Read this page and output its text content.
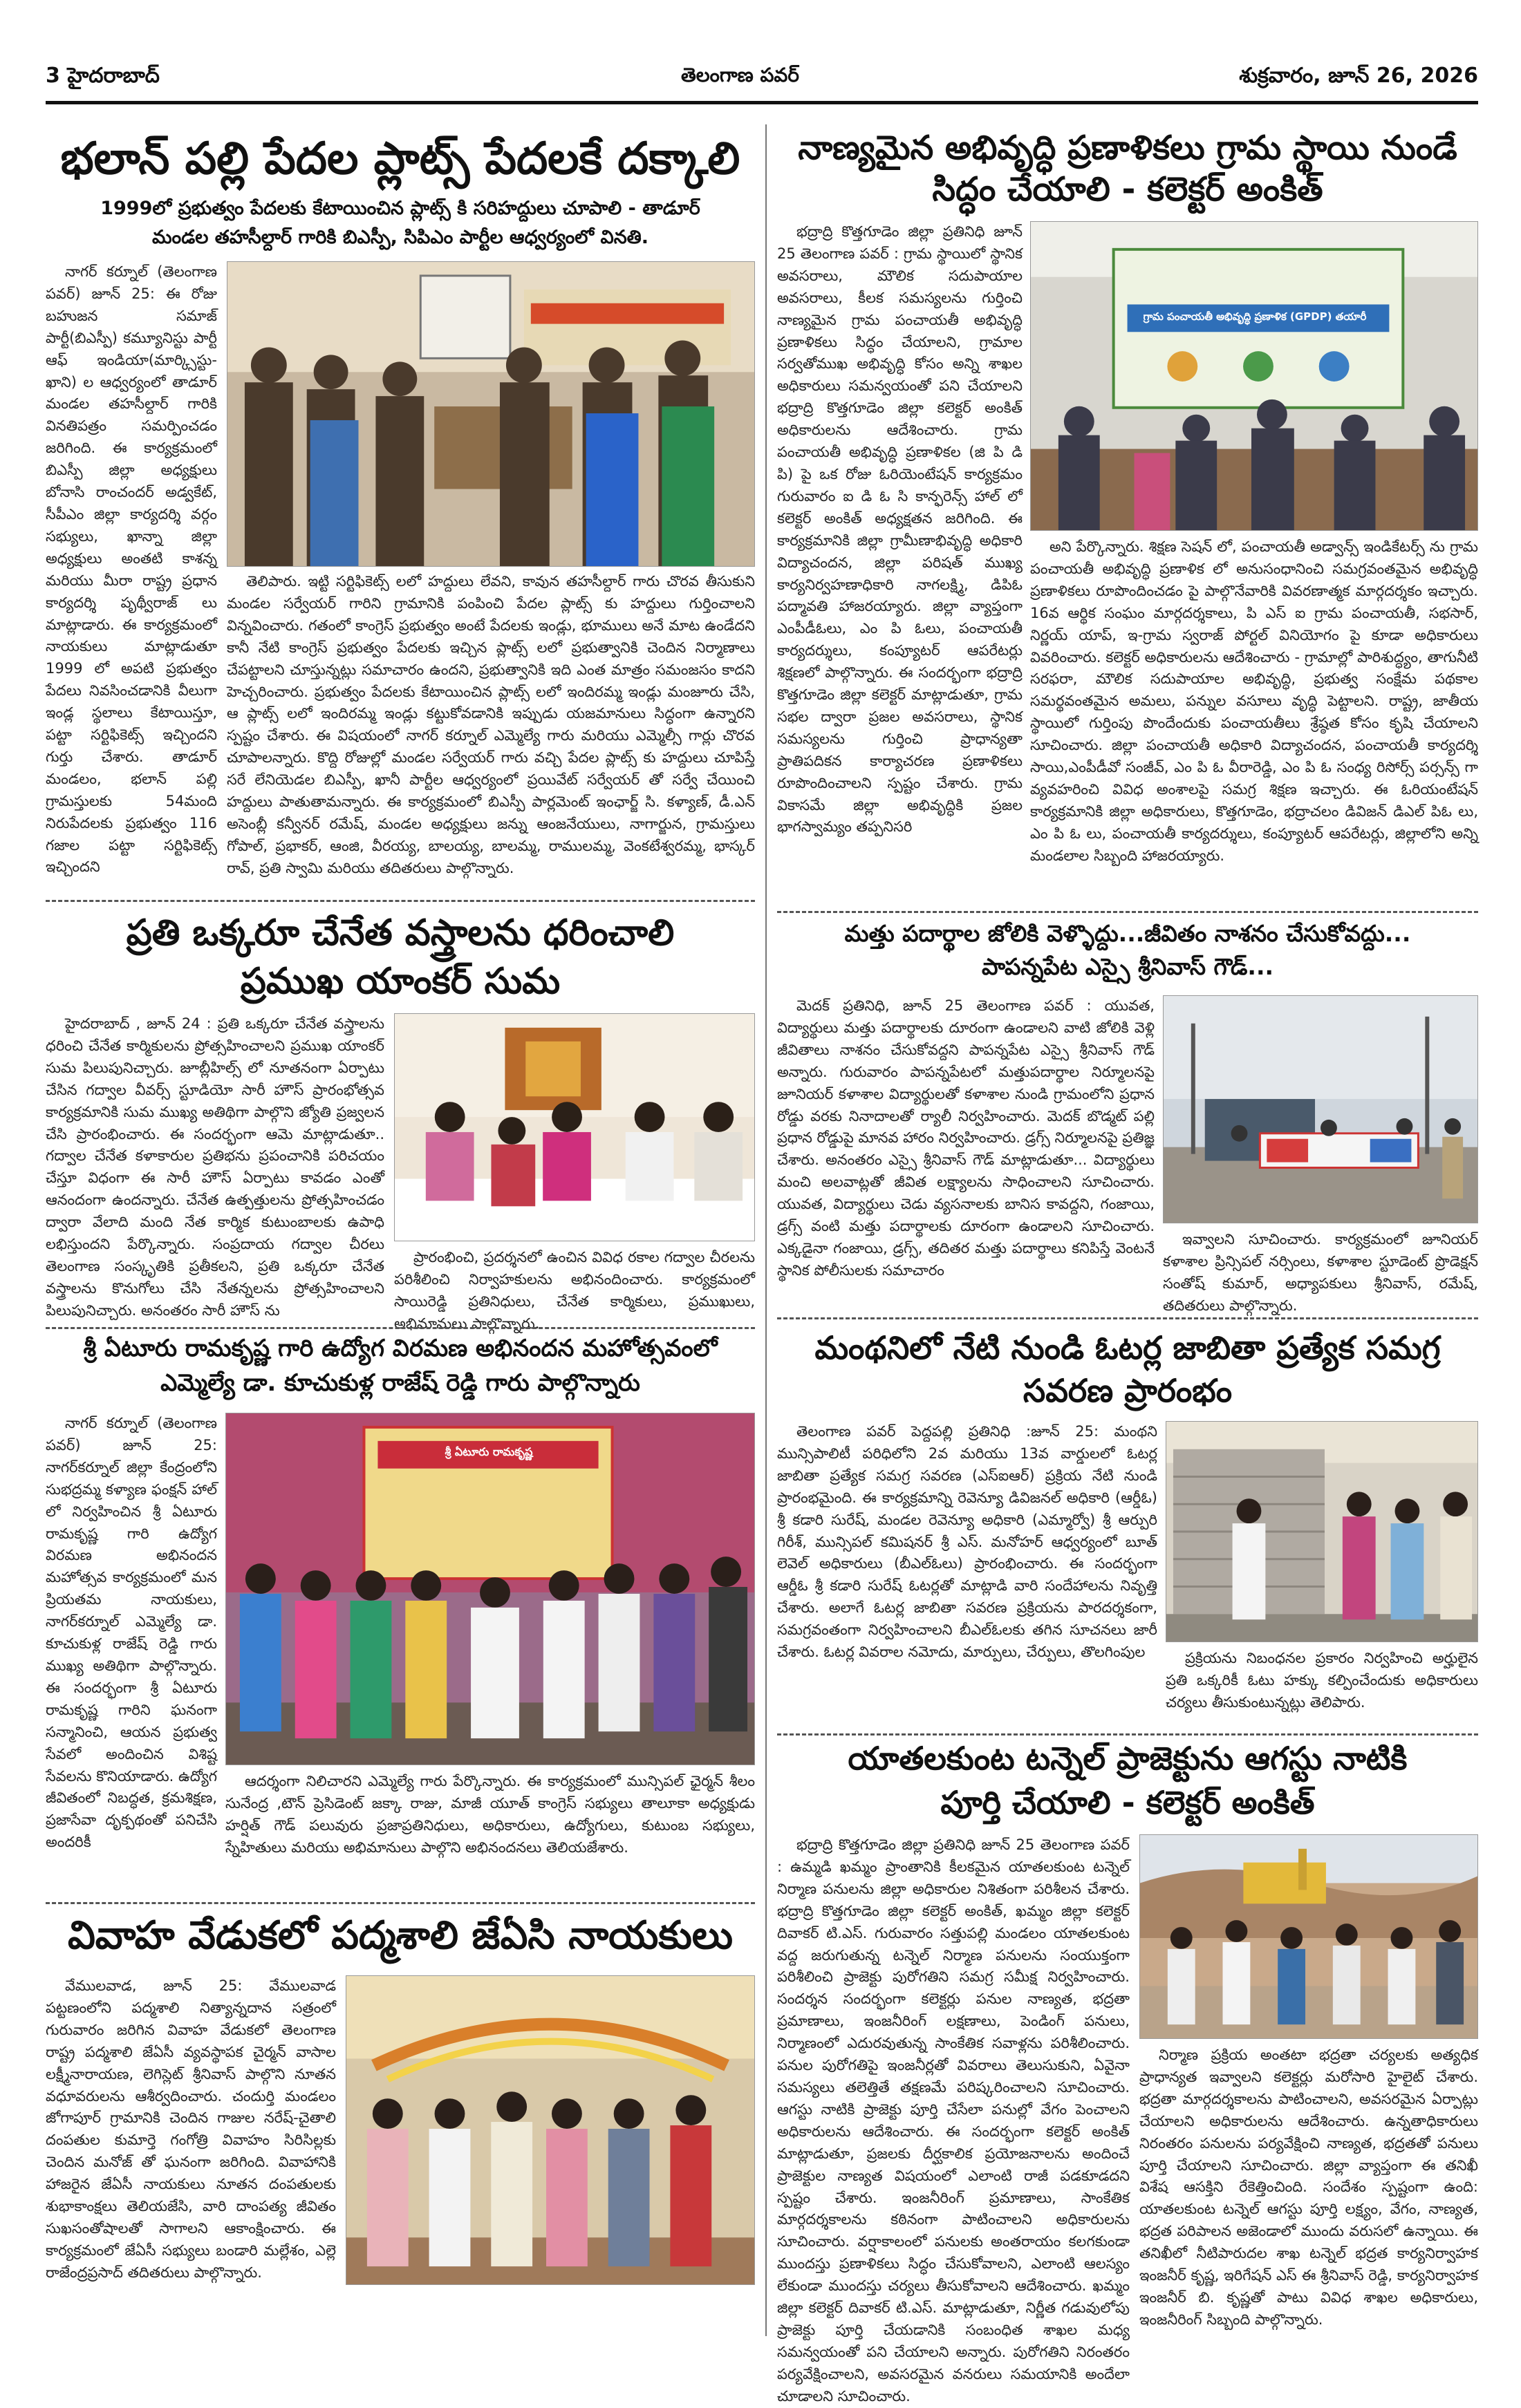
3 హైదరాబాద్	తెలంగాణ పవర్	శుక్రవారం, జూన్ 26, 2026
భలాన్ పల్లి పేదల ప్లాట్స్ పేదలకే దక్కాలి
1999లో ప్రభుత్వం పేదలకు కేటాయించిన ప్లాట్స్ కి సరిహద్దులు చూపాలి - తాడూర్
మండల తహసీల్దార్ గారికి బిఎస్పీ, సిపిఎం పార్టీల ఆధ్వర్యంలో వినతి.

నాగర్ కర్నూల్ (తెలంగాణ పవర్) జూన్ 25: ఈ రోజు బహుజన సమాజ్ పార్టీ(బిఎస్పీ) కమ్యూనిస్టు పార్టీ ఆఫ్ ఇండియా(మార్క్సిస్టు-ఖాని) ల ఆధ్వర్యంలో తాడూర్ మండల తహసీల్దార్ గారికి వినతిపత్రం సమర్పించడం జరిగింది. ఈ కార్యక్రమంలో బిఎస్పీ జిల్లా అధ్యక్షులు బోనాసి రాంచందర్ అడ్వకేట్, సీపీఎం జిల్లా కార్యదర్శి వర్గం సభ్యులు, ఖాన్నా జిల్లా అధ్యక్షులు అంతటి కాశన్న మరియు మీరా రాష్ట్ర ప్రధాన కార్యదర్శి పృథ్వీరాజ్ లు మాట్లాడారు. ఈ కార్యక్రమంలో నాయకులు మాట్లాడుతూ 1999 లో అపటి ప్రభుత్వం పేదలు నివసించడానికి వీలుగా ఇండ్ల స్థలాలు కేటాయిస్తూ, పట్టా సర్టిఫికెట్స్ ఇచ్చిందని గుర్తు చేశారు. తాడూర్ మండలం, భలాన్ పల్లి గ్రామస్తులకు 54మంది నిరుపేదలకు ప్రభుత్వం 116 గజాల పట్టా సర్టిఫికెట్స్ ఇచ్చిందని

తెలిపారు. ఇట్టి సర్టిఫికెట్స్ లలో హద్దులు లేవని, కావున తహసీల్దార్ గారు చొరవ తీసుకుని మండల సర్వేయర్ గారిని గ్రామానికి పంపించి పేదల ప్లాట్స్ కు హద్దులు గుర్తించాలని విన్నవించారు. గతంలో కాంగ్రెస్ ప్రభుత్వం అంటే పేదలకు ఇండ్లు, భూములు అనే మాట ఉండేదని కానీ నేటి కాంగ్రెస్ ప్రభుత్వం పేదలకు ఇచ్చిన ప్లాట్స్ లలో ప్రభుత్వానికి చెందిన నిర్మాణాలు చేపట్టాలని చూస్తున్నట్లు సమాచారం ఉందని, ప్రభుత్వానికి ఇది ఎంత మాత్రం సమంజసం కాదని హెచ్చరించారు. ప్రభుత్వం పేదలకు కేటాయించిన ప్లాట్స్ లలో ఇందిరమ్మ ఇండ్లు మంజూరు చేసి, ఆ ప్లాట్స్ లలో ఇందిరమ్మ ఇండ్లు కట్టుకోవడానికి ఇప్పుడు యజమానులు సిద్ధంగా ఉన్నారని స్పష్టం చేశారు. ఈ విషయంలో నాగర్ కర్నూల్ ఎమ్మెల్యే గారు మరియు ఎమ్మెల్సీ గార్లు చొరవ చూపాలన్నారు. కొద్ది రోజుల్లో మండల సర్వేయర్ గారు వచ్చి పేదల ప్లాట్స్ కు హద్దులు చూపిస్తే సరే లేనియెడల బిఎస్పీ, ఖానీ పార్టీల ఆధ్వర్యంలో ప్రయివేట్ సర్వేయర్ తో సర్వే చేయించి హద్దులు పాతుతామన్నారు. ఈ కార్యక్రమంలో బిఎస్పీ పార్లమెంట్ ఇంఛార్జ్ సి. కళ్యాణ్, డీ.ఎన్ అసెంబ్లీ కన్వీనర్ రమేష్, మండల అధ్యక్షులు జన్ను ఆంజనేయులు, నాగార్జున, గ్రామస్తులు గోపాల్, ప్రభాకర్, ఆంజి, వీరయ్య, బాలయ్య, బాలమ్మ, రాములమ్మ, వెంకటేశ్వరమ్మ, భాస్కర్ రావ్, ప్రతి స్వామి మరియు తదితరులు పాల్గొన్నారు.

నాణ్యమైన అభివృద్ధి ప్రణాళికలు గ్రామ స్థాయి నుండే సిద్ధం చేయాలి - కలెక్టర్ అంకిత్

భద్రాద్రి కొత్తగూడెం జిల్లా ప్రతినిధి జూన్ 25 తెలంగాణ పవర్ : గ్రామ స్థాయిలో స్థానిక అవసరాలు, మౌలిక సదుపాయాల అవసరాలు, కీలక సమస్యలను గుర్తించి నాణ్యమైన గ్రామ పంచాయతీ అభివృద్ధి ప్రణాళికలు సిద్ధం చేయాలని, గ్రామాల సర్వతోముఖ అభివృద్ధి కోసం అన్ని శాఖల అధికారులు సమన్వయంతో పని చేయాలని భద్రాద్రి కొత్తగూడెం జిల్లా కలెక్టర్ అంకిత్ అధికారులను ఆదేశించారు. గ్రామ పంచాయతీ అభివృద్ధి ప్రణాళికల (జి పి డి పి) పై ఒక రోజు ఓరియెంటేషన్ కార్యక్రమం గురువారం ఐ డి ఓ సి కాన్ఫరెన్స్ హాల్ లో కలెక్టర్ అంకిత్ అధ్యక్షతన జరిగింది. ఈ కార్యక్రమానికి జిల్లా గ్రామీణాభివృద్ధి అధికారి విద్యాచందన, జిల్లా పరిషత్ ముఖ్య కార్యనిర్వహణాధికారి నాగలక్ష్మి, డిపిఓ పద్మావతి హాజరయ్యారు. జిల్లా వ్యాప్తంగా ఎంపీడీఓలు, ఎం పి ఓలు, పంచాయతీ కార్యదర్శులు, కంప్యూటర్ ఆపరేటర్లు శిక్షణలో పాల్గొన్నారు. ఈ సందర్భంగా భద్రాద్రి కొత్తగూడెం జిల్లా కలెక్టర్ మాట్లాడుతూ, గ్రామ సభల ద్వారా ప్రజల అవసరాలు, స్థానిక సమస్యలను గుర్తించి ప్రాధాన్యతా ప్రాతిపదికన కార్యాచరణ ప్రణాళికలు రూపొందించాలని స్పష్టం చేశారు. గ్రామ వికాసమే జిల్లా అభివృద్ధికి ప్రజల భాగస్వామ్యం తప్పనిసరి

గ్రామ పంచాయతీ అభివృద్ధి ప్రణాళిక (GPDP) తయారీ

అని పేర్కొన్నారు. శిక్షణ సెషన్ లో, పంచాయతీ అడ్వాన్స్ ఇండికేటర్స్ ను గ్రామ పంచాయతీ అభివృద్ధి ప్రణాళిక లో అనుసంధానించి సమగ్రవంతమైన అభివృద్ధి ప్రణాళికలు రూపొందించడం పై పాల్గొనేవారికి వివరణాత్మక మార్గదర్శకం ఇచ్చారు. 16వ ఆర్థిక సంఘం మార్గదర్శకాలు, పి ఎస్ ఐ గ్రామ పంచాయతీ, సభసార్, నిర్ణయ్ యాప్, ఇ-గ్రామ స్వరాజ్ పోర్టల్ వినియోగం పై కూడా అధికారులు వివరించారు. కలెక్టర్ అధికారులను ఆదేశించారు - గ్రామాల్లో పారిశుద్ధ్యం, తాగునీటి సరఫరా, మౌలిక సదుపాయాల అభివృద్ధి, ప్రభుత్వ సంక్షేమ పథకాల సమర్థవంతమైన అమలు, పన్నుల వసూలు వృద్ధి పెట్టాలని. రాష్ట్ర, జాతీయ స్థాయిలో గుర్తింపు పొందేందుకు పంచాయతీలు శ్రేష్ఠత కోసం కృషి చేయాలని సూచించారు. జిల్లా పంచాయతీ అధికారి విద్యాచందన, పంచాయతీ కార్యదర్శి సాయి,ఎంపీడీవో సంజీవ్, ఎం పి ఓ వీరారెడ్డి, ఎం పి ఓ సంధ్య రిసోర్స్ పర్సన్స్ గా వ్యవహరించి వివిధ అంశాలపై సమగ్ర శిక్షణ ఇచ్చారు. ఈ ఓరియంటేషన్ కార్యక్రమానికి జిల్లా అధికారులు, కొత్తగూడెం, భద్రాచలం డివిజన్ డిఎల్ పిఓ లు, ఎం పి ఓ లు, పంచాయతీ కార్యదర్శులు, కంప్యూటర్ ఆపరేటర్లు, జిల్లాలోని అన్ని మండలాల సిబ్బంది హాజరయ్యారు.

ప్రతి ఒక్కరూ చేనేత వస్త్రాలను ధరించాలి
ప్రముఖ యాంకర్ సుమ

హైదరాబాద్ , జూన్ 24 : ప్రతి ఒక్కరూ చేనేత వస్త్రాలను ధరించి చేనేత కార్మికులను ప్రోత్సహించాలని ప్రముఖ యాంకర్ సుమ పిలుపునిచ్చారు. జూబ్లీహిల్స్ లో నూతనంగా ఏర్పాటు చేసిన గద్వాల వీవర్స్ స్టూడియో సారీ హౌస్ ప్రారంభోత్సవ కార్యక్రమానికి సుమ ముఖ్య అతిథిగా పాల్గొని జ్యోతి ప్రజ్వలన చేసి ప్రారంభించారు. ఈ సందర్భంగా ఆమె మాట్లాడుతూ.. గద్వాల చేనేత కళాకారుల ప్రతిభను ప్రపంచానికి పరిచయం చేస్తూ విధంగా ఈ సారీ హౌస్ ఏర్పాటు కావడం ఎంతో ఆనందంగా ఉందన్నారు. చేనేత ఉత్పత్తులను ప్రోత్సహించడం ద్వారా వేలాది మంది నేత కార్మిక కుటుంబాలకు ఉపాధి లభిస్తుందని పేర్కొన్నారు. సంప్రదాయ గద్వాల చీరలు తెలంగాణ సంస్కృతికి ప్రతీకలని, ప్రతి ఒక్కరూ చేనేత వస్త్రాలను కొనుగోలు చేసి నేతన్నలను ప్రోత్సహించాలని పిలుపునిచ్చారు. అనంతరం సారీ హౌస్ ను

ప్రారంభించి, ప్రదర్శనలో ఉంచిన వివిధ రకాల గద్వాల చీరలను పరిశీలించి నిర్వాహకులను అభినందించారు. కార్యక్రమంలో సాయిరెడ్డి ప్రతినిధులు, చేనేత కార్మికులు, ప్రముఖులు, అభిమానులు పాల్గొన్నారు.

మత్తు పదార్థాల జోలికి వెళ్ళొద్దు...జీవితం నాశనం చేసుకోవద్దు...
పాపన్నపేట ఎస్సై శ్రీనివాస్ గౌడ్...

మెదక్ ప్రతినిధి, జూన్ 25 తెలంగాణ పవర్ : యువత, విద్యార్థులు మత్తు పదార్థాలకు దూరంగా ఉండాలని వాటి జోలికి వెళ్లి జీవితాలు నాశనం చేసుకోవద్దని పాపన్నపేట ఎస్సై శ్రీనివాస్ గౌడ్ అన్నారు. గురువారం పాపన్నపేటలో మత్తుపదార్థాల నిర్మూలనపై జూనియర్ కళాశాల విద్యార్థులతో కళాశాల నుండి గ్రామంలోని ప్రధాన రోడ్డు వరకు నినాదాలతో ర్యాలీ నిర్వహించారు. మెదక్ బొడ్మట్ పల్లి ప్రధాన రోడ్డుపై మానవ హారం నిర్వహించారు. డ్రగ్స్ నిర్మూలనపై ప్రతిజ్ఞ చేశారు. అనంతరం ఎస్సై శ్రీనివాస్ గౌడ్ మాట్లాడుతూ... విద్యార్థులు మంచి అలవాట్లతో జీవిత లక్ష్యాలను సాధించాలని సూచించారు. యువత, విద్యార్థులు చెడు వ్యసనాలకు బానిస కావద్దని, గంజాయి, డ్రగ్స్ వంటి మత్తు పదార్థాలకు దూరంగా ఉండాలని సూచించారు. ఎక్కడైనా గంజాయి, డ్రగ్స్, తదితర మత్తు పదార్థాలు కనిపిస్తే వెంటనే స్థానిక పోలీసులకు సమాచారం

ఇవ్వాలని సూచించారు. కార్యక్రమంలో జూనియర్ కళాశాల ప్రిన్సిపల్ నర్సింలు, కళాశాల స్టూడెంట్ ప్రొడెక్షన్ సంతోష్ కుమార్, అధ్యాపకులు శ్రీనివాస్, రమేష్, తదితరులు పాల్గొన్నారు.

శ్రీ ఏటూరు రామకృష్ణ గారి ఉద్యోగ విరమణ అభినందన మహోత్సవంలో
ఎమ్మెల్యే డా. కూచుకుళ్ల రాజేష్ రెడ్డి గారు పాల్గొన్నారు

నాగర్ కర్నూల్ (తెలంగాణ పవర్) జూన్ 25: నాగర్‌కర్నూల్ జిల్లా కేంద్రంలోని సుభద్రమ్మ కళ్యాణ ఫంక్షన్ హాల్ లో నిర్వహించిన శ్రీ ఏటూరు రామకృష్ణ గారి ఉద్యోగ విరమణ అభినందన మహోత్సవ కార్యక్రమంలో మన ప్రియతమ నాయకులు, నాగర్‌కర్నూల్ ఎమ్మెల్యే డా. కూచుకుళ్ల రాజేష్ రెడ్డి గారు ముఖ్య అతిథిగా పాల్గొన్నారు. ఈ సందర్భంగా శ్రీ ఏటూరు రామకృష్ణ గారిని ఘనంగా సన్మానించి, ఆయన ప్రభుత్వ సేవలో అందించిన విశిష్ట సేవలను కొనియాడారు. ఉద్యోగ జీవితంలో నిబద్ధత, క్రమశిక్షణ, ప్రజాసేవా దృక్పథంతో పనిచేసి అందరికీ

శ్రీ ఏటూరు రామకృష్ణ

ఆదర్శంగా నిలిచారని ఎమ్మెల్యే గారు పేర్కొన్నారు. ఈ కార్యక్రమంలో మున్సిపల్ ఛైర్మన్ శీలం సునేంద్ర ,టౌన్ ప్రెసిడెంట్ జక్కా రాజు, మాజీ యూత్ కాంగ్రెస్ సభ్యులు తాలూకా అధ్యక్షుడు హర్షిత్ గౌడ్ పలువురు ప్రజాప్రతినిధులు, అధికారులు, ఉద్యోగులు, కుటుంబ సభ్యులు, స్నేహితులు మరియు అభిమానులు పాల్గొని అభినందనలు తెలియజేశారు.

మంథనిలో నేటి నుండి ఓటర్ల జాబితా ప్రత్యేక సమగ్ర
సవరణ ప్రారంభం

తెలంగాణ పవర్ పెద్దపల్లి ప్రతినిధి :జూన్ 25: మంథని మున్సిపాలిటీ పరిధిలోని 2వ మరియు 13వ వార్డులలో ఓటర్ల జాబితా ప్రత్యేక సమగ్ర సవరణ (ఎస్ఐఆర్) ప్రక్రియ నేటి నుండి ప్రారంభమైంది. ఈ కార్యక్రమాన్ని రెవెన్యూ డివిజనల్ అధికారి (ఆర్డీఓ) శ్రీ కడారి సురేష్, మండల రెవెన్యూ అధికారి (ఎమ్మార్వో) శ్రీ ఆర్పురి గిరీశ్, మున్సిపల్ కమిషనర్ శ్రీ ఎస్. మనోహర్ ఆధ్వర్యంలో బూత్ లెవెల్ అధికారులు (బీఎల్ఓలు) ప్రారంభించారు. ఈ సందర్భంగా ఆర్డీఓ శ్రీ కడారి సురేష్ ఓటర్లతో మాట్లాడి వారి సందేహాలను నివృత్తి చేశారు. అలాగే ఓటర్ల జాబితా సవరణ ప్రక్రియను పారదర్శకంగా, సమగ్రవంతంగా నిర్వహించాలని బీఎల్ఓలకు తగిన సూచనలు జారీ చేశారు. ఓటర్ల వివరాల నమోదు, మార్పులు, చేర్పులు, తొలగింపుల	ప్రక్రియను నిబంధనల ప్రకారం నిర్వహించి అర్హులైన ప్రతి ఒక్కరికీ ఓటు హక్కు కల్పించేందుకు అధికారులు చర్యలు తీసుకుంటున్నట్లు తెలిపారు.

యాతలకుంట టన్నెల్ ప్రాజెక్టును ఆగస్టు నాటికి
పూర్తి చేయాలి - కలెక్టర్ అంకిత్

భద్రాద్రి కొత్తగూడెం జిల్లా ప్రతినిధి జూన్ 25 తెలంగాణ పవర్ : ఉమ్మడి ఖమ్మం ప్రాంతానికి కీలకమైన యాతలకుంట టన్నెల్ నిర్మాణ పనులను జిల్లా అధికారుల నిశితంగా పరిశీలన చేశారు. భద్రాద్రి కొత్తగూడెం జిల్లా కలెక్టర్ అంకిత్, ఖమ్మం జిల్లా కలెక్టర్ దివాకర్ టి.ఎస్. గురువారం సత్తుపల్లి మండలం యాతలకుంట వద్ద జరుగుతున్న టన్నెల్ నిర్మాణ పనులను సంయుక్తంగా పరిశీలించి ప్రాజెక్టు పురోగతిని సమగ్ర సమీక్ష నిర్వహించారు. సందర్శన సందర్భంగా కలెక్టర్లు పనుల నాణ్యత, భద్రతా ప్రమాణాలు, ఇంజనీరింగ్ లక్షణాలు, పెండింగ్ పనులు, నిర్మాణంలో ఎదురవుతున్న సాంకేతిక సవాళ్లను పరిశీలించారు. పనుల పురోగతిపై ఇంజనీర్లతో వివరాలు తెలుసుకుని, ఏవైనా సమస్యలు తలెత్తితే తక్షణమే పరిష్కరించాలని సూచించారు. ఆగస్టు నాటికి ప్రాజెక్టు పూర్తి చేసేలా పనుల్లో వేగం పెంచాలని అధికారులను ఆదేశించారు. ఈ సందర్భంగా కలెక్టర్ అంకిత్ మాట్లాడుతూ, ప్రజలకు దీర్ఘకాలిక ప్రయోజనాలను అందించే ప్రాజెక్టుల నాణ్యత విషయంలో ఎలాంటి రాజీ పడకూడదని స్పష్టం చేశారు. ఇంజనీరింగ్ ప్రమాణాలు, సాంకేతిక మార్గదర్శకాలను కఠినంగా పాటించాలని అధికారులను సూచించారు. వర్షాకాలంలో పనులకు అంతరాయం కలగకుండా ముందస్తు ప్రణాళికలు సిద్ధం చేసుకోవాలని, ఎలాంటి ఆలస్యం లేకుండా ముందస్తు చర్యలు తీసుకోవాలని ఆదేశించారు. ఖమ్మం జిల్లా కలెక్టర్ దివాకర్ టి.ఎస్. మాట్లాడుతూ, నిర్ణీత గడువులోపు ప్రాజెక్టు పూర్తి చేయడానికి సంబంధిత శాఖల మధ్య సమన్వయంతో పని చేయాలని అన్నారు. పురోగతిని నిరంతరం పర్యవేక్షించాలని, అవసరమైన వనరులు సమయానికి అందేలా చూడాలని సూచించారు.

నిర్మాణ ప్రక్రియ అంతటా భద్రతా చర్యలకు అత్యధిక ప్రాధాన్యత ఇవ్వాలని కలెక్టర్లు మరోసారి హైలైట్ చేశారు. భద్రతా మార్గదర్శకాలను పాటించాలని, అవసరమైన ఏర్పాట్లు చేయాలని అధికారులను ఆదేశించారు. ఉన్నతాధికారులు నిరంతరం పనులను పర్యవేక్షించి నాణ్యత, భద్రతతో పనులు పూర్తి చేయాలని సూచించారు. జిల్లా వ్యాప్తంగా ఈ తనిఖీ విశేష ఆసక్తిని రేకెత్తించింది. సందేశం స్పష్టంగా ఉంది: యాతలకుంట టన్నెల్ ఆగస్టు పూర్తి లక్ష్యం, వేగం, నాణ్యత, భద్రత పరిపాలన అజెండాలో ముందు వరుసలో ఉన్నాయి. ఈ తనిఖీలో నీటిపారుదల శాఖ టన్నెల్ భద్రత కార్యనిర్వాహక ఇంజనీర్ కృష్ణ, ఇరిగేషన్ ఎస్ ఈ శ్రీనివాస్ రెడ్డి, కార్యనిర్వాహక ఇంజనీర్ బి. కృష్ణతో పాటు వివిధ శాఖల అధికారులు, ఇంజనీరింగ్ సిబ్బంది పాల్గొన్నారు.

వివాహ వేడుకలో పద్మశాలి జేఏసి నాయకులు

వేములవాడ, జూన్ 25: వేములవాడ పట్టణంలోని పద్మశాలి నిత్యాన్నదాన సత్రంలో గురువారం జరిగిన వివాహ వేడుకలో తెలంగాణ రాష్ట్ర పద్మశాలి జేఏసీ వ్యవస్థాపక చైర్మన్ వాసాల లక్ష్మీనారాయణ, లెగిస్లెట్ శ్రీనివాస్ పాల్గొని నూతన వధూవరులను ఆశీర్వదించారు. చందుర్తి మండలం జోగాపూర్ గ్రామానికి చెందిన గాజుల నరేష్-చైతాలి దంపతుల కుమార్తె గంగోత్రి వివాహం సిరిసిల్లకు చెందిన మనోజ్ తో ఘనంగా జరిగింది. వివాహానికి హాజరైన జేఏసీ నాయకులు నూతన దంపతులకు శుభాకాంక్షలు తెలియజేసి, వారి దాంపత్య జీవితం సుఖసంతోషాలతో సాగాలని ఆకాంక్షించారు. ఈ కార్యక్రమంలో జేఏసీ సభ్యులు బండారి మల్లేశం, ఎల్లె రాజేంద్రప్రసాద్ తదితరులు పాల్గొన్నారు.
